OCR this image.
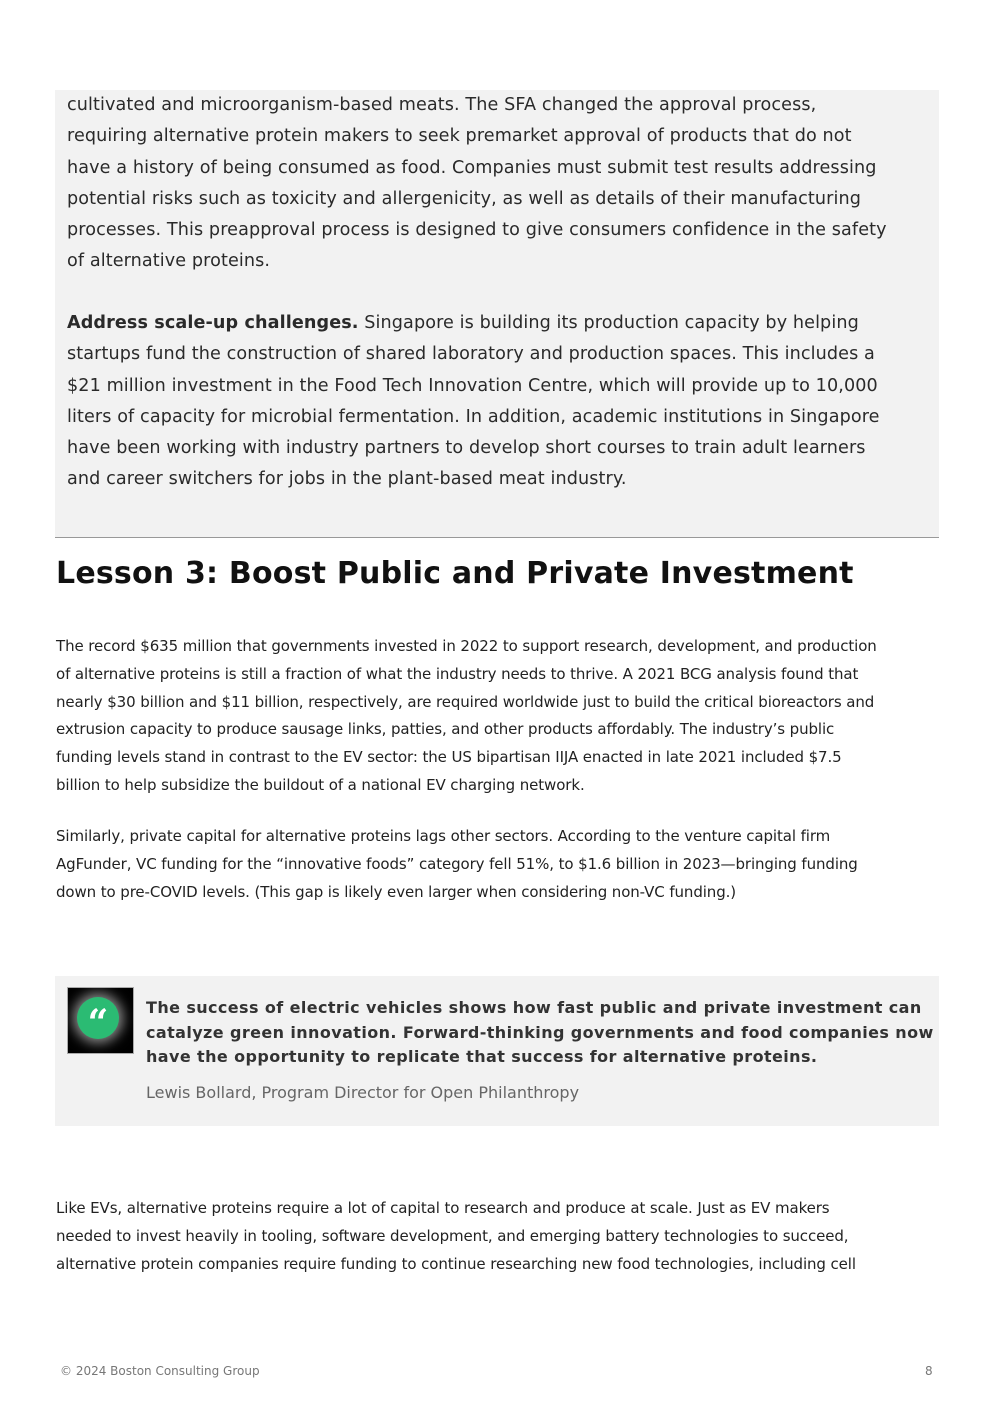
cultivated and microorganism-based meats. The SFA changed the approval process,
requiring alternative protein makers to seek premarket approval of products that do not
have a history of being consumed as food. Companies must submit test results addressing
potential risks such as toxicity and allergenicity, as well as details of their manufacturing
processes. This preapproval process is designed to give consumers confidence in the safety
of alternative proteins.
Address scale-up challenges. Singapore is building its production capacity by helping
startups fund the construction of shared laboratory and production spaces. This includes a
$21 million investment in the Food Tech Innovation Centre, which will provide up to 10,000
liters of capacity for microbial fermentation. In addition, academic institutions in Singapore
have been working with industry partners to develop short courses to train adult learners
and career switchers for jobs in the plant-based meat industry.
Lesson 3: Boost Public and Private Investment
The record $635 million that governments invested in 2022 to support research, development, and production
of alternative proteins is still a fraction of what the industry needs to thrive. A 2021 BCG analysis found that
nearly $30 billion and $11 billion, respectively, are required worldwide just to build the critical bioreactors and
extrusion capacity to produce sausage links, patties, and other products affordably. The industry’s public
funding levels stand in contrast to the EV sector: the US bipartisan IIJA enacted in late 2021 included $7.5
billion to help subsidize the buildout of a national EV charging network.
Similarly, private capital for alternative proteins lags other sectors. According to the venture capital firm
AgFunder, VC funding for the “innovative foods” category fell 51%, to $1.6 billion in 2023—bringing funding
down to pre-COVID levels. (This gap is likely even larger when considering non-VC funding.)
“	The success of electric vehicles shows how fast public and private investment can
catalyze green innovation. Forward-thinking governments and food companies now
have the opportunity to replicate that success for alternative proteins.
Lewis Bollard, Program Director for Open Philanthropy
Like EVs, alternative proteins require a lot of capital to research and produce at scale. Just as EV makers
needed to invest heavily in tooling, software development, and emerging battery technologies to succeed,
alternative protein companies require funding to continue researching new food technologies, including cell
© 2024 Boston Consulting Group	8
